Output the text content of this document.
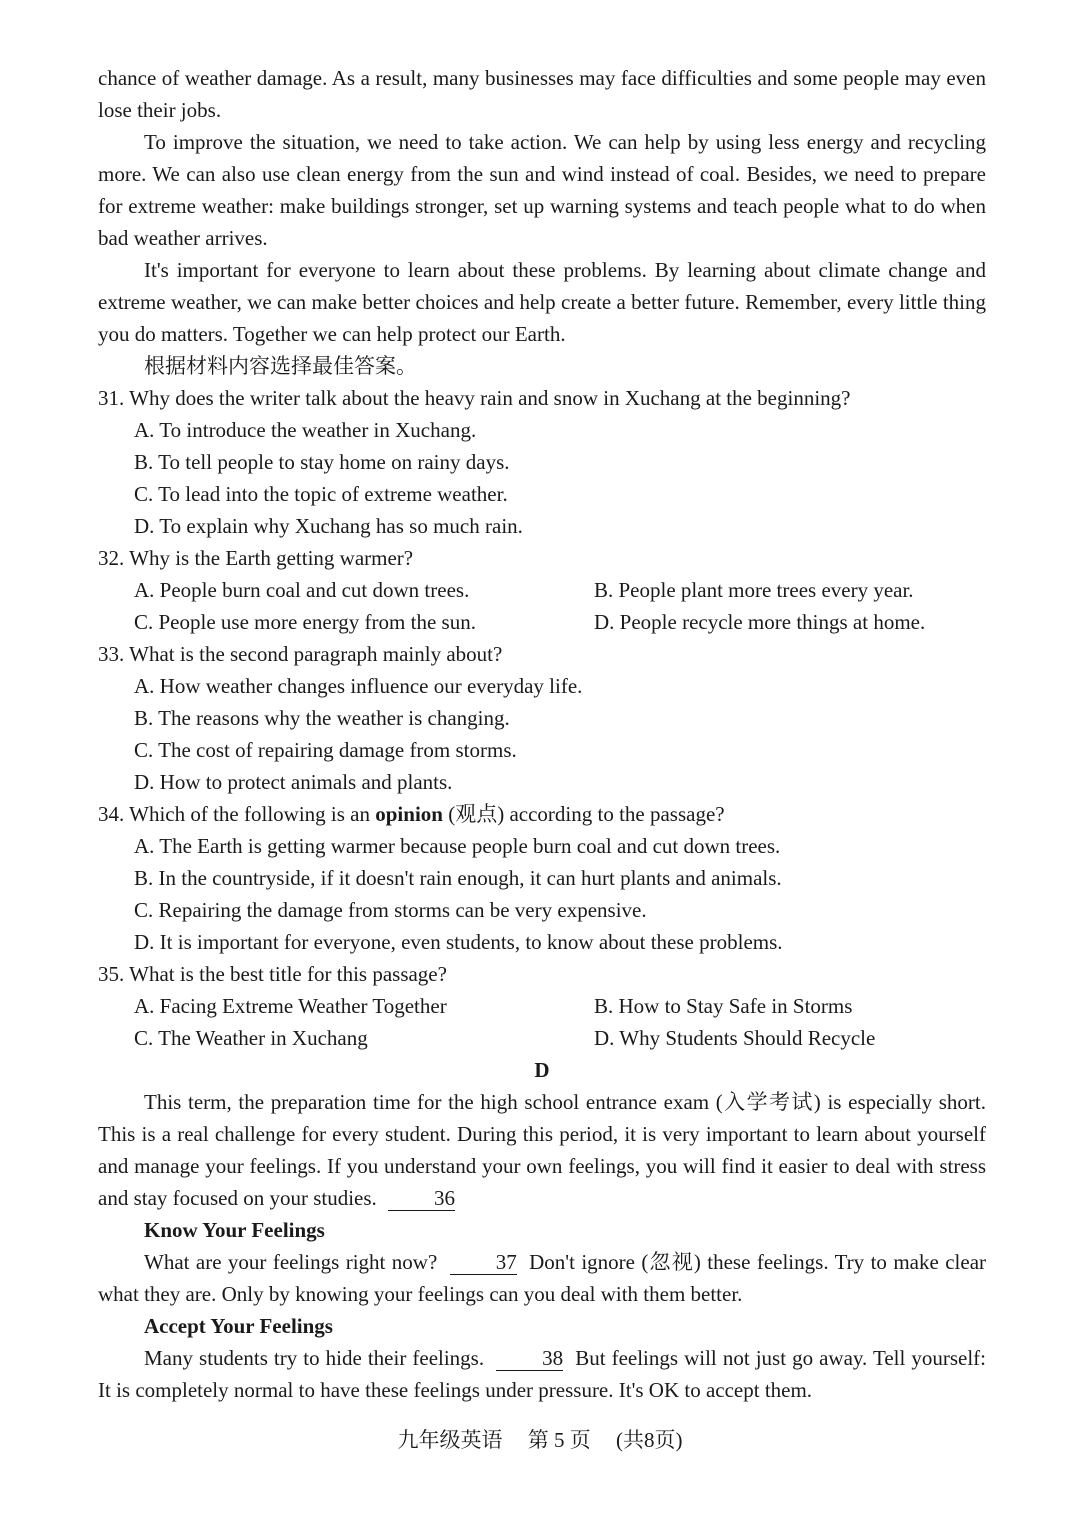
chance of weather damage. As a result, many businesses may face difficulties and some people may even lose their jobs.

To improve the situation, we need to take action. We can help by using less energy and recycling more. We can also use clean energy from the sun and wind instead of coal. Besides, we need to prepare for extreme weather: make buildings stronger, set up warning systems and teach people what to do when bad weather arrives.

It's important for everyone to learn about these problems. By learning about climate change and extreme weather, we can make better choices and help create a better future. Remember, every little thing you do matters. Together we can help protect our Earth.

根据材料内容选择最佳答案。

31. Why does the writer talk about the heavy rain and snow in Xuchang at the beginning?

A. To introduce the weather in Xuchang.

B. To tell people to stay home on rainy days.

C. To lead into the topic of extreme weather.

D. To explain why Xuchang has so much rain.

32. Why is the Earth getting warmer?

A. People burn coal and cut down trees.	B. People plant more trees every year.
C. People use more energy from the sun.	D. People recycle more things at home.

33. What is the second paragraph mainly about?

A. How weather changes influence our everyday life.

B. The reasons why the weather is changing.

C. The cost of repairing damage from storms.

D. How to protect animals and plants.

34. Which of the following is an opinion (观点) according to the passage?

A. The Earth is getting warmer because people burn coal and cut down trees.

B. In the countryside, if it doesn't rain enough, it can hurt plants and animals.

C. Repairing the damage from storms can be very expensive.

D. It is important for everyone, even students, to know about these problems.

35. What is the best title for this passage?

A. Facing Extreme Weather Together	B. How to Stay Safe in Storms
C. The Weather in Xuchang	D. Why Students Should Recycle

D

This term, the preparation time for the high school entrance exam (入学考试) is especially short. This is a real challenge for every student. During this period, it is very important to learn about yourself and manage your feelings. If you understand your own feelings, you will find it easier to deal with stress and stay focused on your studies.	36

Know Your Feelings

What are your feelings right now?	37 Don't ignore (忽视) these feelings. Try to make clear what they are. Only by knowing your feelings can you deal with them better.

Accept Your Feelings

Many students try to hide their feelings.	38 But feelings will not just go away. Tell yourself: It is completely normal to have these feelings under pressure. It's OK to accept them.

九年级英语 第 5 页 (共8页)
